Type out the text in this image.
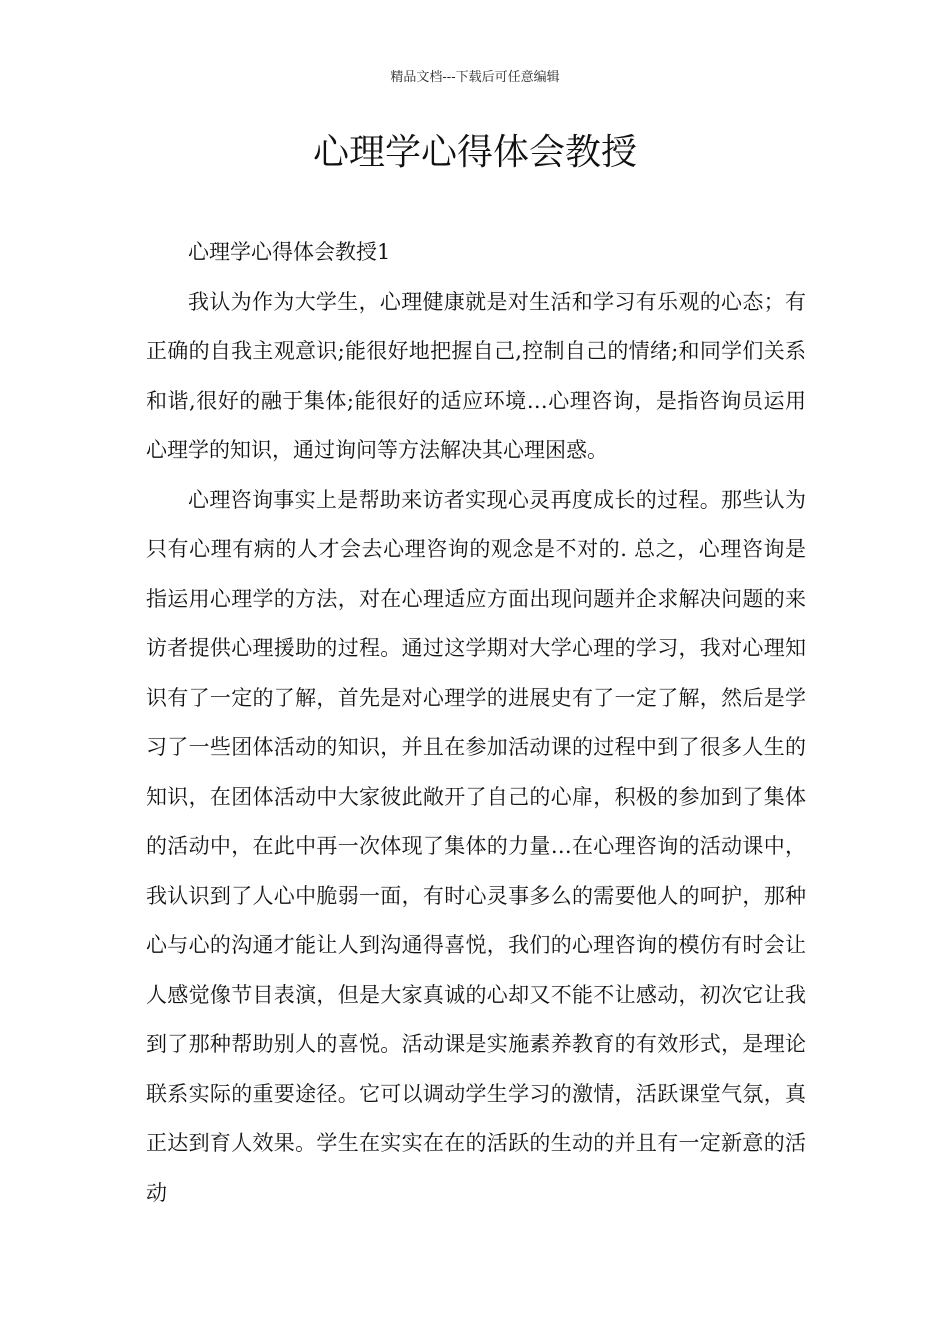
精品文档---下载后可任意编辑
心理学心得体会教授

心理学心得体会教授1

我认为作为大学生，心理健康就是对生活和学习有乐观的心态；有正确的自我主观意识;能很好地把握自己,控制自己的情绪;和同学们关系和谐,很好的融于集体;能很好的适应环境…心理咨询，是指咨询员运用心理学的知识，通过询问等方法解决其心理困惑。

心理咨询事实上是帮助来访者实现心灵再度成长的过程。那些认为只有心理有病的人才会去心理咨询的观念是不对的. 总之，心理咨询是指运用心理学的方法，对在心理适应方面出现问题并企求解决问题的来访者提供心理援助的过程。通过这学期对大学心理的学习，我对心理知识有了一定的了解，首先是对心理学的进展史有了一定了解，然后是学习了一些团体活动的知识，并且在参加活动课的过程中到了很多人生的知识，在团体活动中大家彼此敞开了自己的心扉，积极的参加到了集体的活动中，在此中再一次体现了集体的力量…在心理咨询的活动课中，我认识到了人心中脆弱一面，有时心灵事多么的需要他人的呵护，那种心与心的沟通才能让人到沟通得喜悦，我们的心理咨询的模仿有时会让人感觉像节目表演，但是大家真诚的心却又不能不让感动，初次它让我到了那种帮助别人的喜悦。活动课是实施素养教育的有效形式，是理论联系实际的重要途径。它可以调动学生学习的激情，活跃课堂气氛，真正达到育人效果。学生在实实在在的活跃的生动的并且有一定新意的活动
